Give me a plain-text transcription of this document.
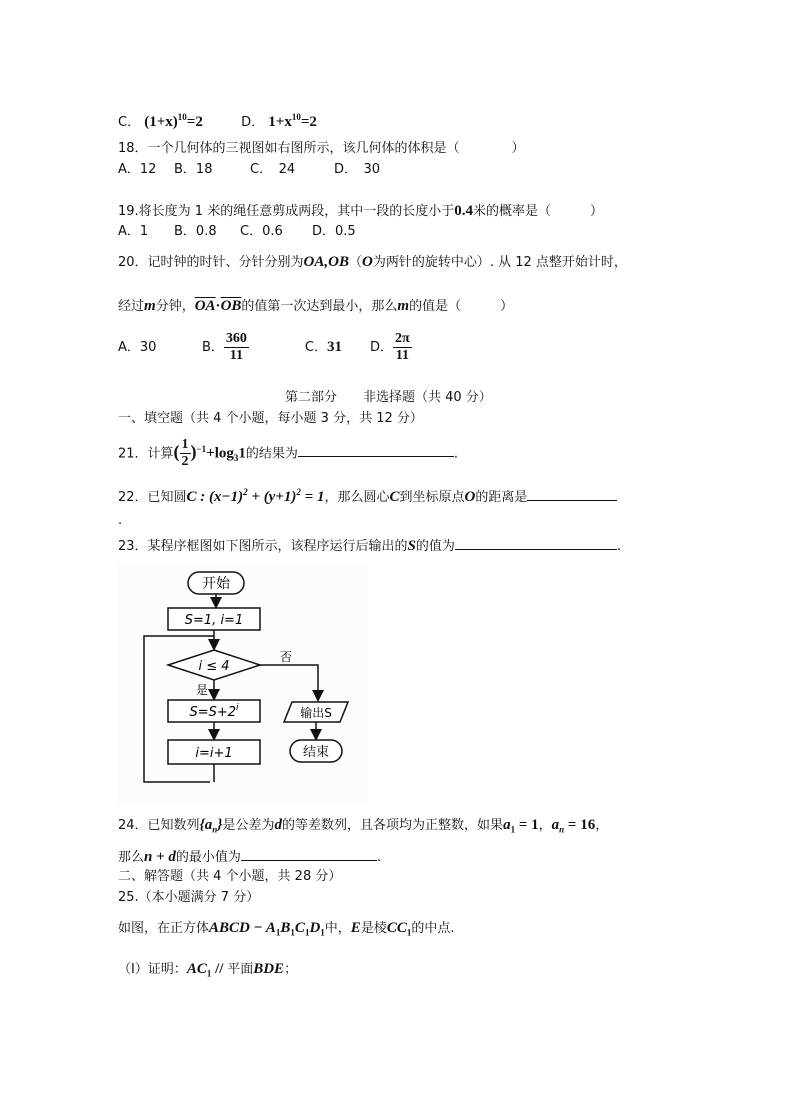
C． $(1+x)^{10}=2$	D． $1+x^{10}=2$
18．一个几何体的三视图如右图所示，该几何体的体积是（　　　　）
A．12 B．18	C．　24	D．　30
19.将长度为 1 米的绳任意剪成两段，其中一段的长度小于0.4米的概率是（　　　）
A．1 B．0.8 C．0.6 D．0.5
20．记时钟的时针、分针分别为OA,OB（O为两针的旋转中心）. 从 12 点整开始计时，
经过m分钟，$\overline{OA}\cdot\overline{OB}$的值第一次达到最小，那么m的值是（　　　）
A．30	B． $\frac{360}{11}$	C．31 D． $\frac{2\pi}{11}$
第二部分　　非选择题（共 40 分）
一、填空题（共 4 个小题，每小题 3 分，共 12 分）
21．计算( $\frac{1}{2} )^{-1}+\log_31$的结果为	.
22．已知圆C : $(x-1)^2 + (y+1)^2 = 1$，那么圆心C到坐标原点O的距离是
.
23．某程序框图如下图所示，该程序运行后输出的S的值为	.
开始
S=1, i=1
i ≤ 4
否
是
$S=S+2^i$
i=i+1
输出S
结束
24．已知数列$\{a_n\}$是公差为d的等差数列，且各项均为正整数，如果$a_1 = 1$，$a_n = 16$，
那么n + d的最小值为	.
二、解答题（共 4 个小题，共 28 分）
25.（本小题满分 7 分）
如图，在正方体ABCD − $A_1B_1C_1D_1$中，E是棱$CC_1$的中点.
（Ⅰ）证明：$AC_1$ // 平面BDE；
